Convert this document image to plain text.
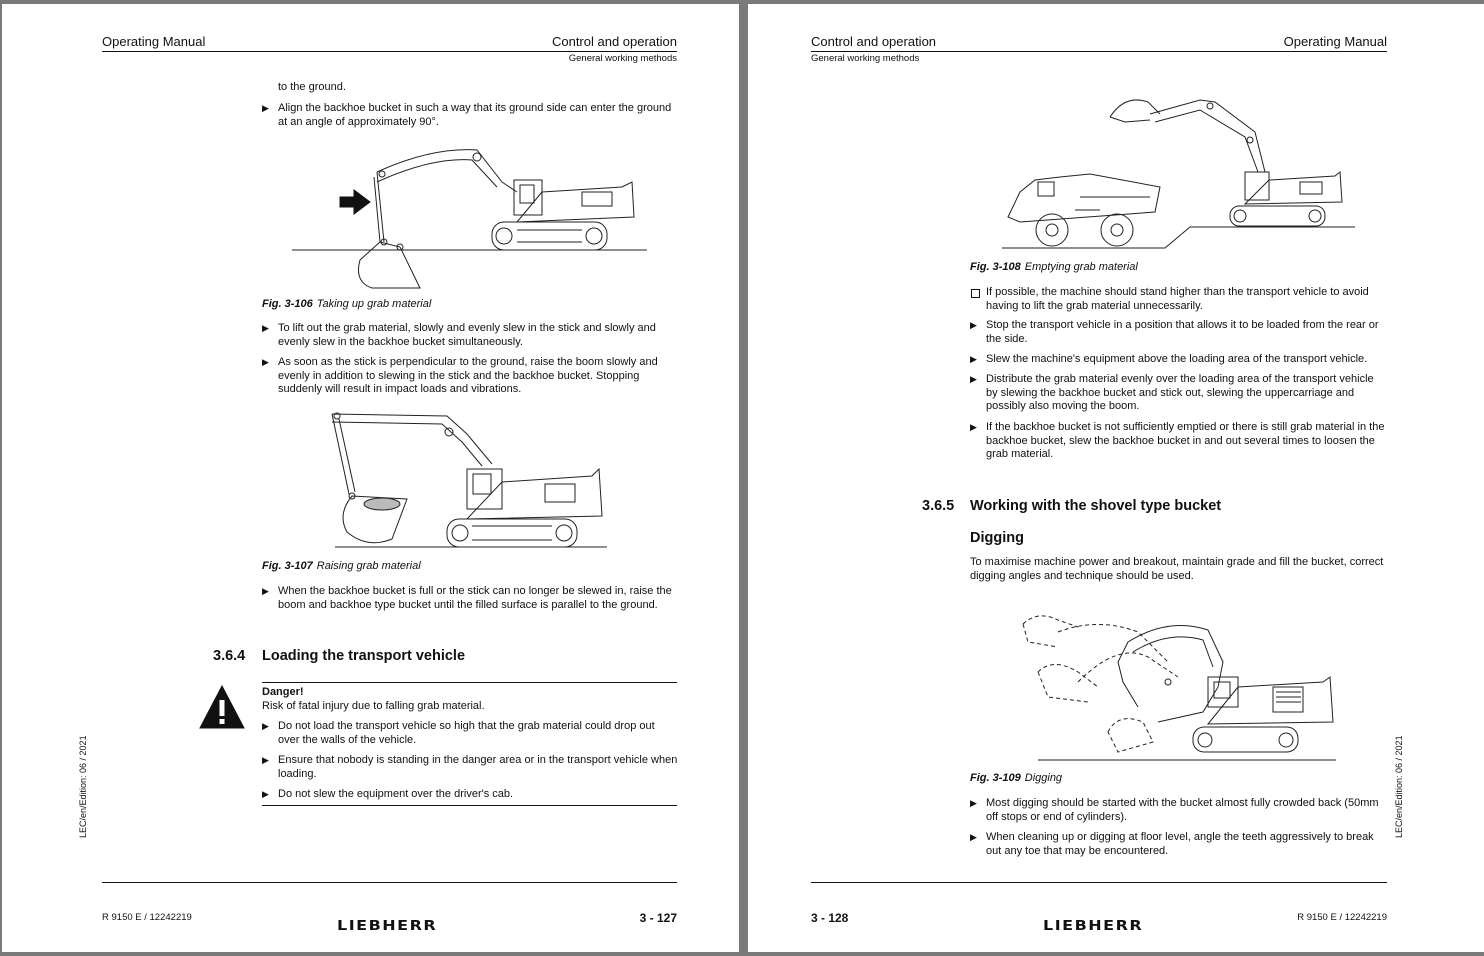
Operating Manual	Control and operation
General working methods
to the ground.
▶ Align the backhoe bucket in such a way that its ground side can enter the ground at an angle of approximately 90°.
Fig. 3-106 Taking up grab material
▶ To lift out the grab material, slowly and evenly slew in the stick and slowly and evenly slew in the backhoe bucket simultaneously.
▶ As soon as the stick is perpendicular to the ground, raise the boom slowly and evenly in addition to slewing in the stick and the backhoe bucket. Stopping suddenly will result in impact loads and vibrations.
Fig. 3-107 Raising grab material
▶ When the backhoe bucket is full or the stick can no longer be slewed in, raise the boom and backhoe type bucket until the filled surface is parallel to the ground.
3.6.4 Loading the transport vehicle
Danger!
Risk of fatal injury due to falling grab material.
▶ Do not load the transport vehicle so high that the grab material could drop out over the walls of the vehicle.
▶ Ensure that nobody is standing in the danger area or in the transport vehicle when loading.
▶ Do not slew the equipment over the driver's cab.
LEC/en/Edition: 06 / 2021
R 9150 E / 12242219	LIEBHERR	3 - 127
Control and operation	Operating Manual
General working methods
Fig. 3-108 Emptying grab material
If possible, the machine should stand higher than the transport vehicle to avoid having to lift the grab material unnecessarily.
▶ Stop the transport vehicle in a position that allows it to be loaded from the rear or the side.
▶ Slew the machine's equipment above the loading area of the transport vehicle.
▶ Distribute the grab material evenly over the loading area of the transport vehicle by slewing the backhoe bucket and stick out, slewing the uppercarriage and possibly also moving the boom.
▶ If the backhoe bucket is not sufficiently emptied or there is still grab material in the backhoe bucket, slew the backhoe bucket in and out several times to loosen the grab material.
3.6.5 Working with the shovel type bucket
Digging
To maximise machine power and breakout, maintain grade and fill the bucket, correct digging angles and technique should be used.
Fig. 3-109 Digging
▶ Most digging should be started with the bucket almost fully crowded back (50mm off stops or end of cylinders).
▶ When cleaning up or digging at floor level, angle the teeth aggressively to break out any toe that may be encountered.
LEC/en/Edition: 06 / 2021
3 - 128	LIEBHERR	R 9150 E / 12242219
